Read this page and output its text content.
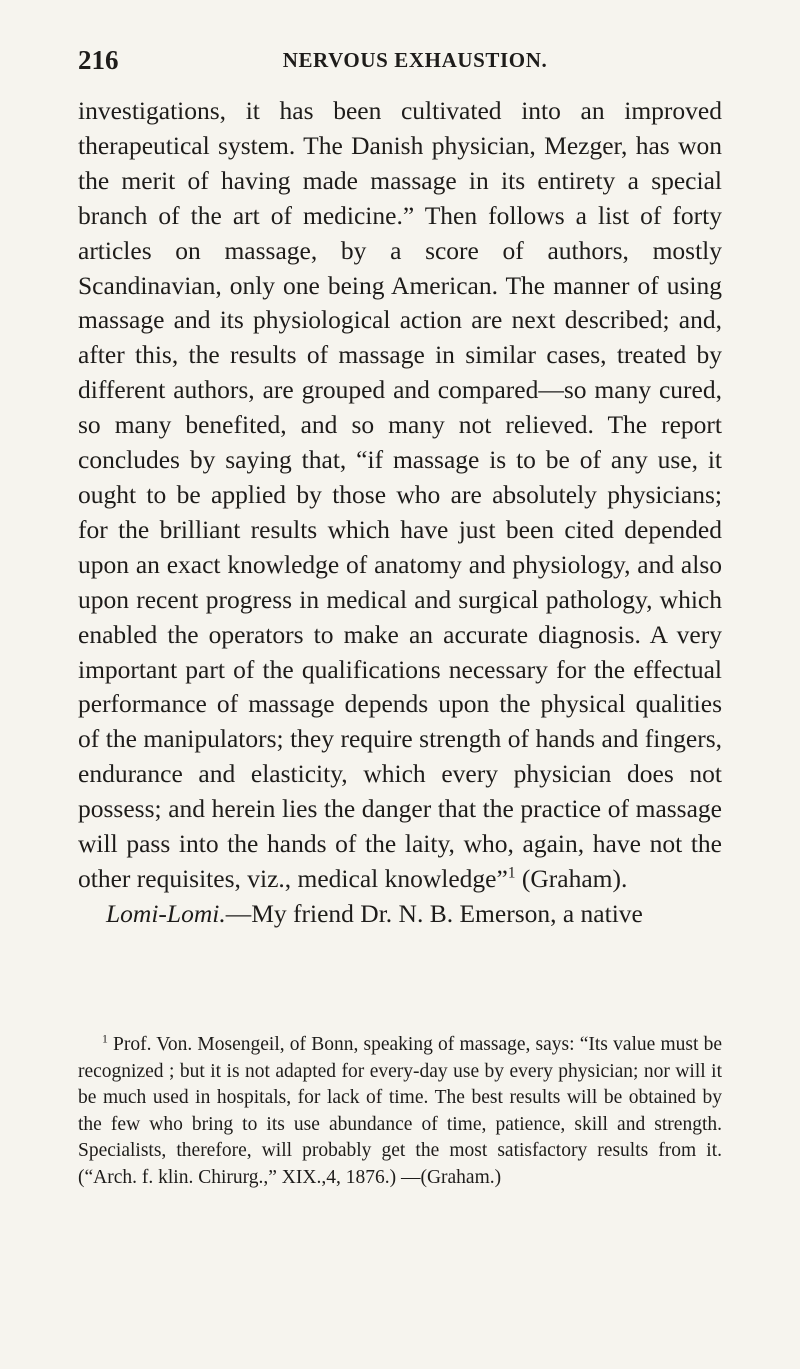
216	NERVOUS EXHAUSTION.

investigations, it has been cultivated into an improved therapeutical system. The Danish physician, Mezger, has won the merit of having made massage in its entirety a special branch of the art of medicine.” Then follows a list of forty articles on massage, by a score of authors, mostly Scandinavian, only one being American. The manner of using massage and its physiological action are next described; and, after this, the results of massage in similar cases, treated by different authors, are grouped and compared—so many cured, so many benefited, and so many not relieved. The report concludes by saying that, “if massage is to be of any use, it ought to be applied by those who are absolutely physicians; for the brilliant results which have just been cited depended upon an exact knowledge of anatomy and physiology, and also upon recent progress in medical and surgical pathology, which enabled the operators to make an accurate diagnosis. A very important part of the qualifications necessary for the effectual performance of massage depends upon the physical qualities of the manipulators; they require strength of hands and fingers, endurance and elasticity, which every physician does not possess; and herein lies the danger that the practice of massage will pass into the hands of the laity, who, again, have not the other requisites, viz., medical knowledge”$^1$ (Graham).

Lomi-Lomi.—My friend Dr. N. B. Emerson, a native

$^1$ Prof. Von. Mosengeil, of Bonn, speaking of massage, says: “Its value must be recognized ; but it is not adapted for every-day use by every physician; nor will it be much used in hospitals, for lack of time. The best results will be obtained by the few who bring to its use abundance of time, patience, skill and strength. Specialists, therefore, will probably get the most satisfactory results from it. (“Arch. f. klin. Chirurg.,” XIX.,4, 1876.) —(Graham.)
